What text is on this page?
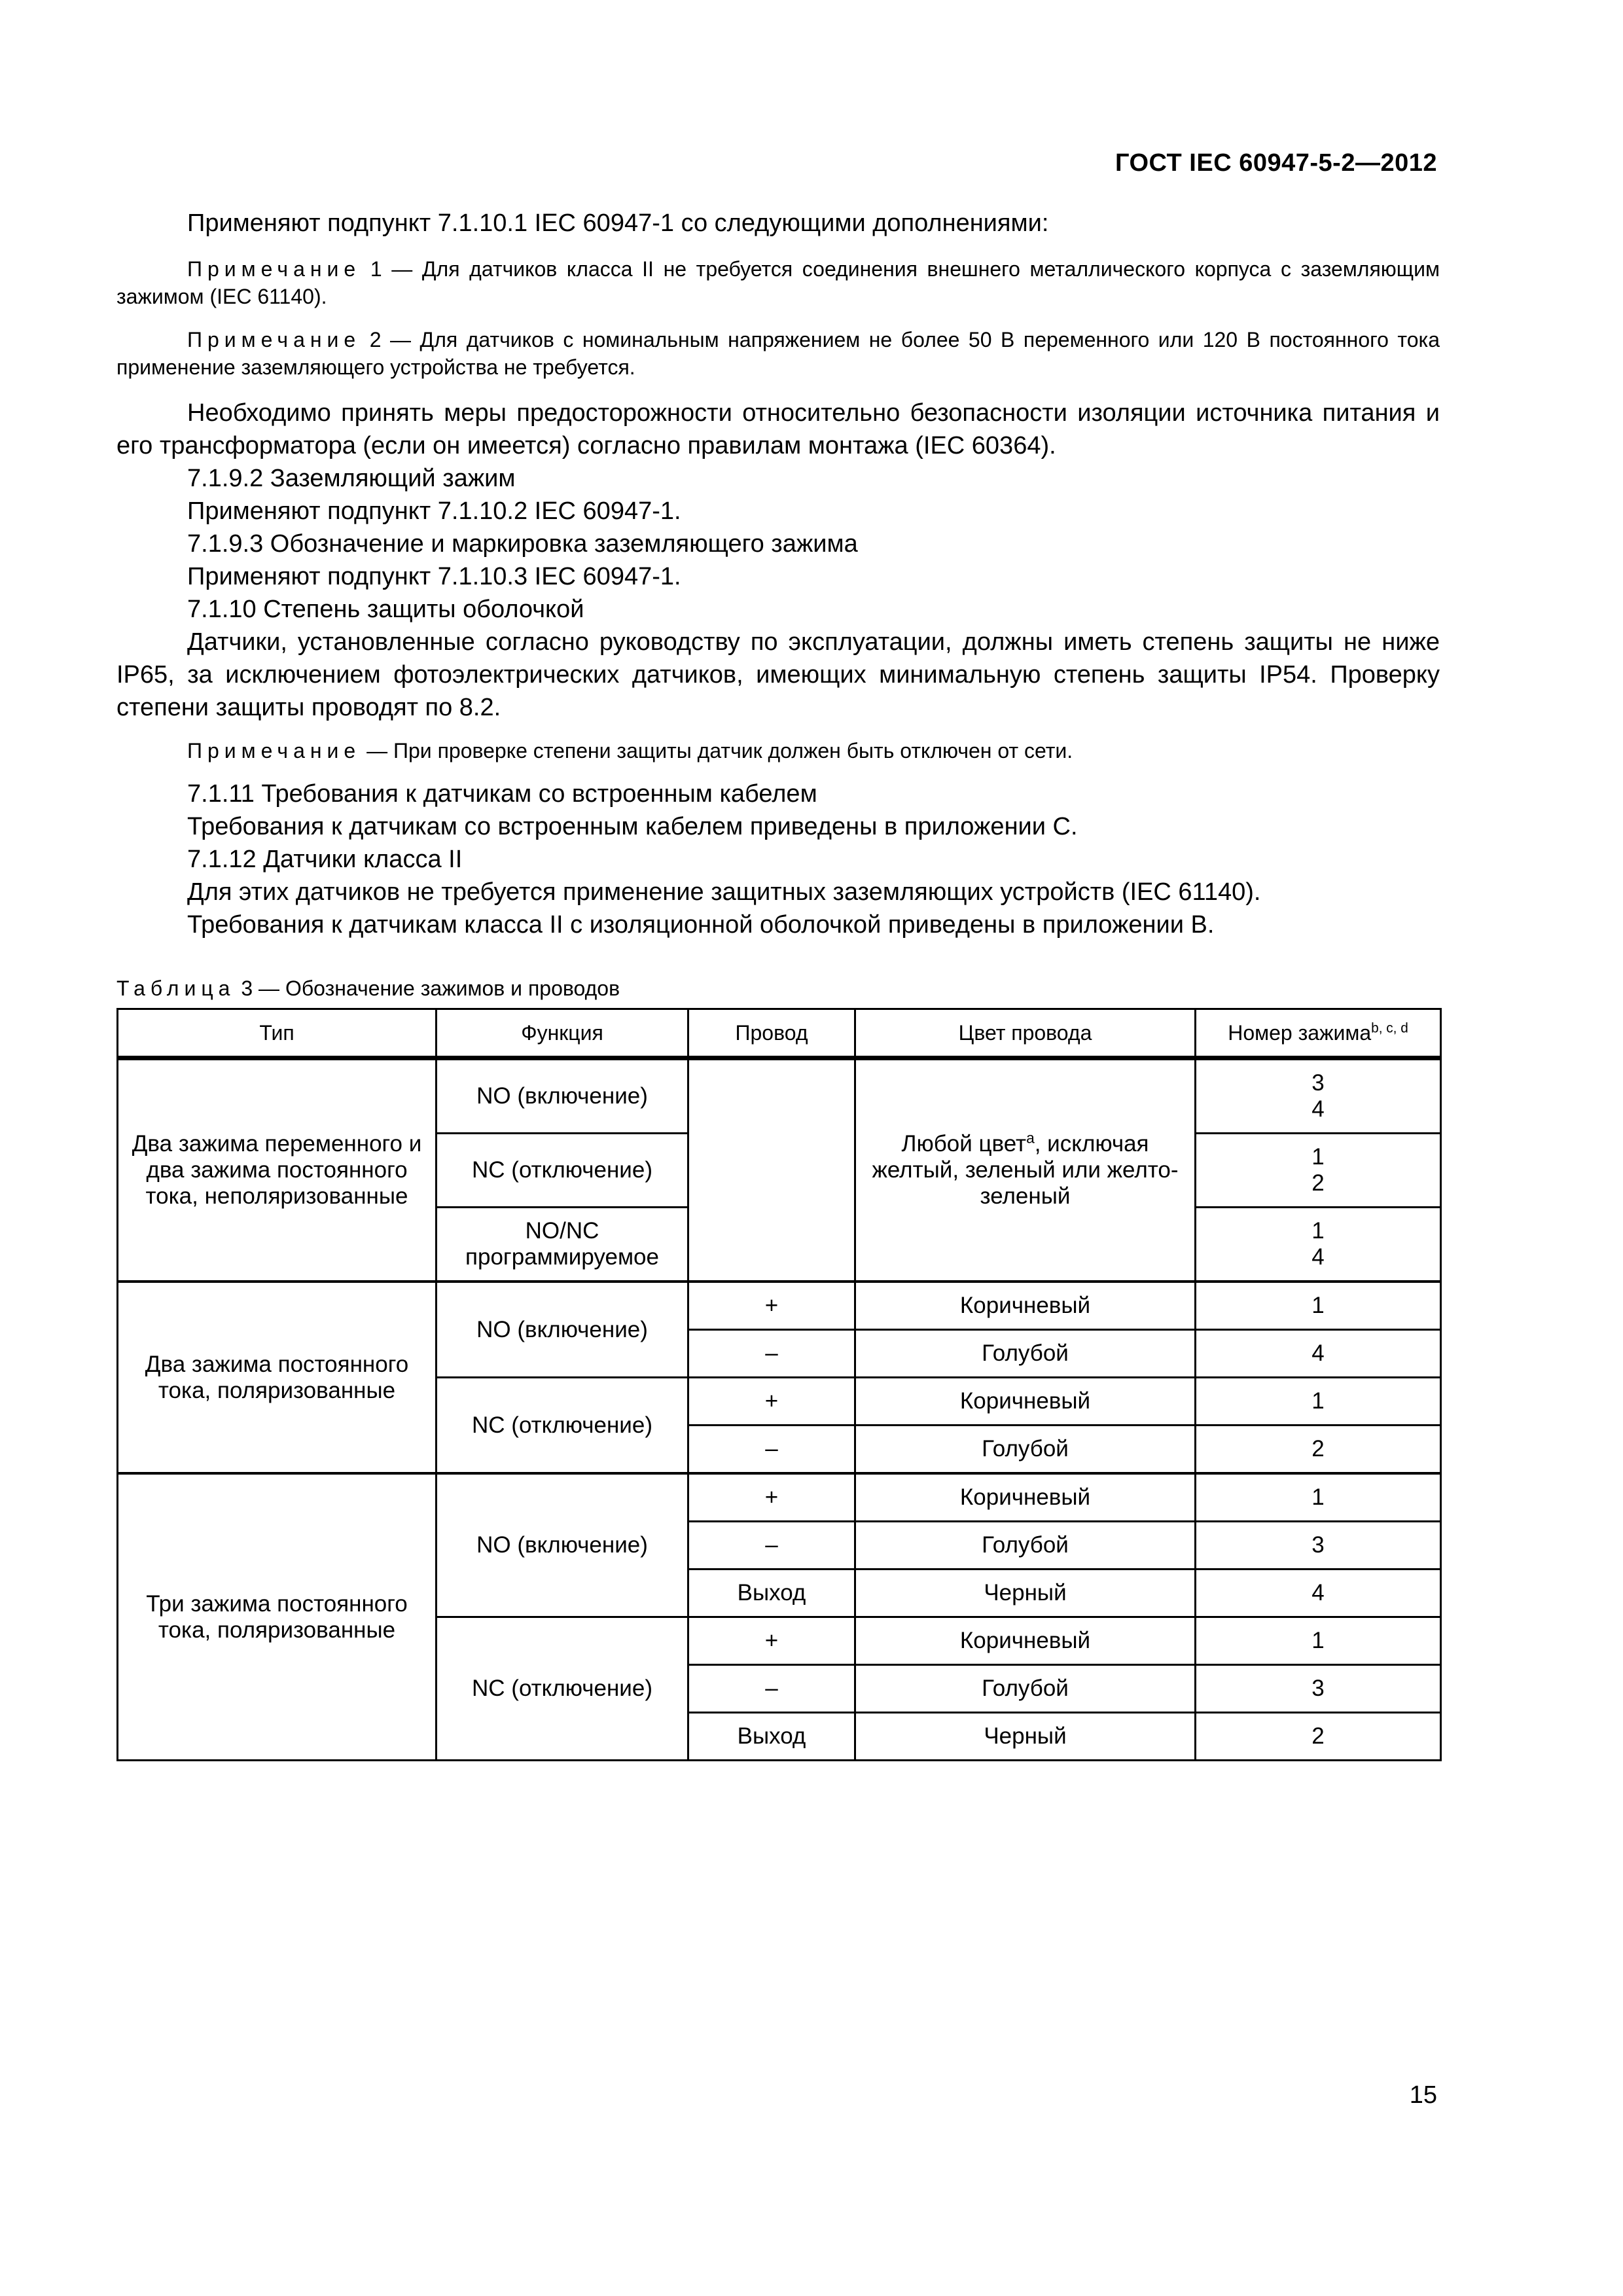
ГОСТ IEC 60947-5-2—2012

Применяют подпункт 7.1.10.1 IEC 60947-1 со следующими дополнениями:

Примечание 1 — Для датчиков класса II не требуется соединения внешнего металлического корпуса с заземляющим зажимом (IEC 61140).

Примечание 2 — Для датчиков с номинальным напряжением не более 50 В переменного или 120 В постоянного тока применение заземляющего устройства не требуется.

Необходимо принять меры предосторожности относительно безопасности изоляции источника питания и его трансформатора (если он имеется) согласно правилам монтажа (IEC 60364).

7.1.9.2 Заземляющий зажим

Применяют подпункт 7.1.10.2 IEC 60947-1.

7.1.9.3 Обозначение и маркировка заземляющего зажима

Применяют подпункт 7.1.10.3 IEC 60947-1.

7.1.10 Степень защиты оболочкой

Датчики, установленные согласно руководству по эксплуатации, должны иметь степень защиты не ниже IP65, за исключением фотоэлектрических датчиков, имеющих минимальную степень защиты IP54. Проверку степени защиты проводят по 8.2.

Примечание — При проверке степени защиты датчик должен быть отключен от сети.

7.1.11 Требования к датчикам со встроенным кабелем

Требования к датчикам со встроенным кабелем приведены в приложении С.

7.1.12 Датчики класса II

Для этих датчиков не требуется применение защитных заземляющих устройств (IEC 61140).

Требования к датчикам класса II с изоляционной оболочкой приведены в приложении В.

Таблица 3 — Обозначение зажимов и проводов

Тип	Функция	Провод	Цвет провода	Номер зажима$^{b, c, d}$
Два зажима переменного и два зажима постоянного тока, неполяризованные	NO (включение)		Любой цвет$^a$, исключая желтый, зеленый или желто-зеленый	3 4
	NC (отключение)			1 2
	NO/NC программируемое			1 4
Два зажима постоянного тока, поляризованные	NO (включение)	+	Коричневый	1
		–	Голубой	4
	NC (отключение)	+	Коричневый	1
		–	Голубой	2
Три зажима постоянного тока, поляризованные	NO (включение)	+	Коричневый	1
		–	Голубой	3
		Выход	Черный	4
	NC (отключение)	+	Коричневый	1
		–	Голубой	3
		Выход	Черный	2
15
